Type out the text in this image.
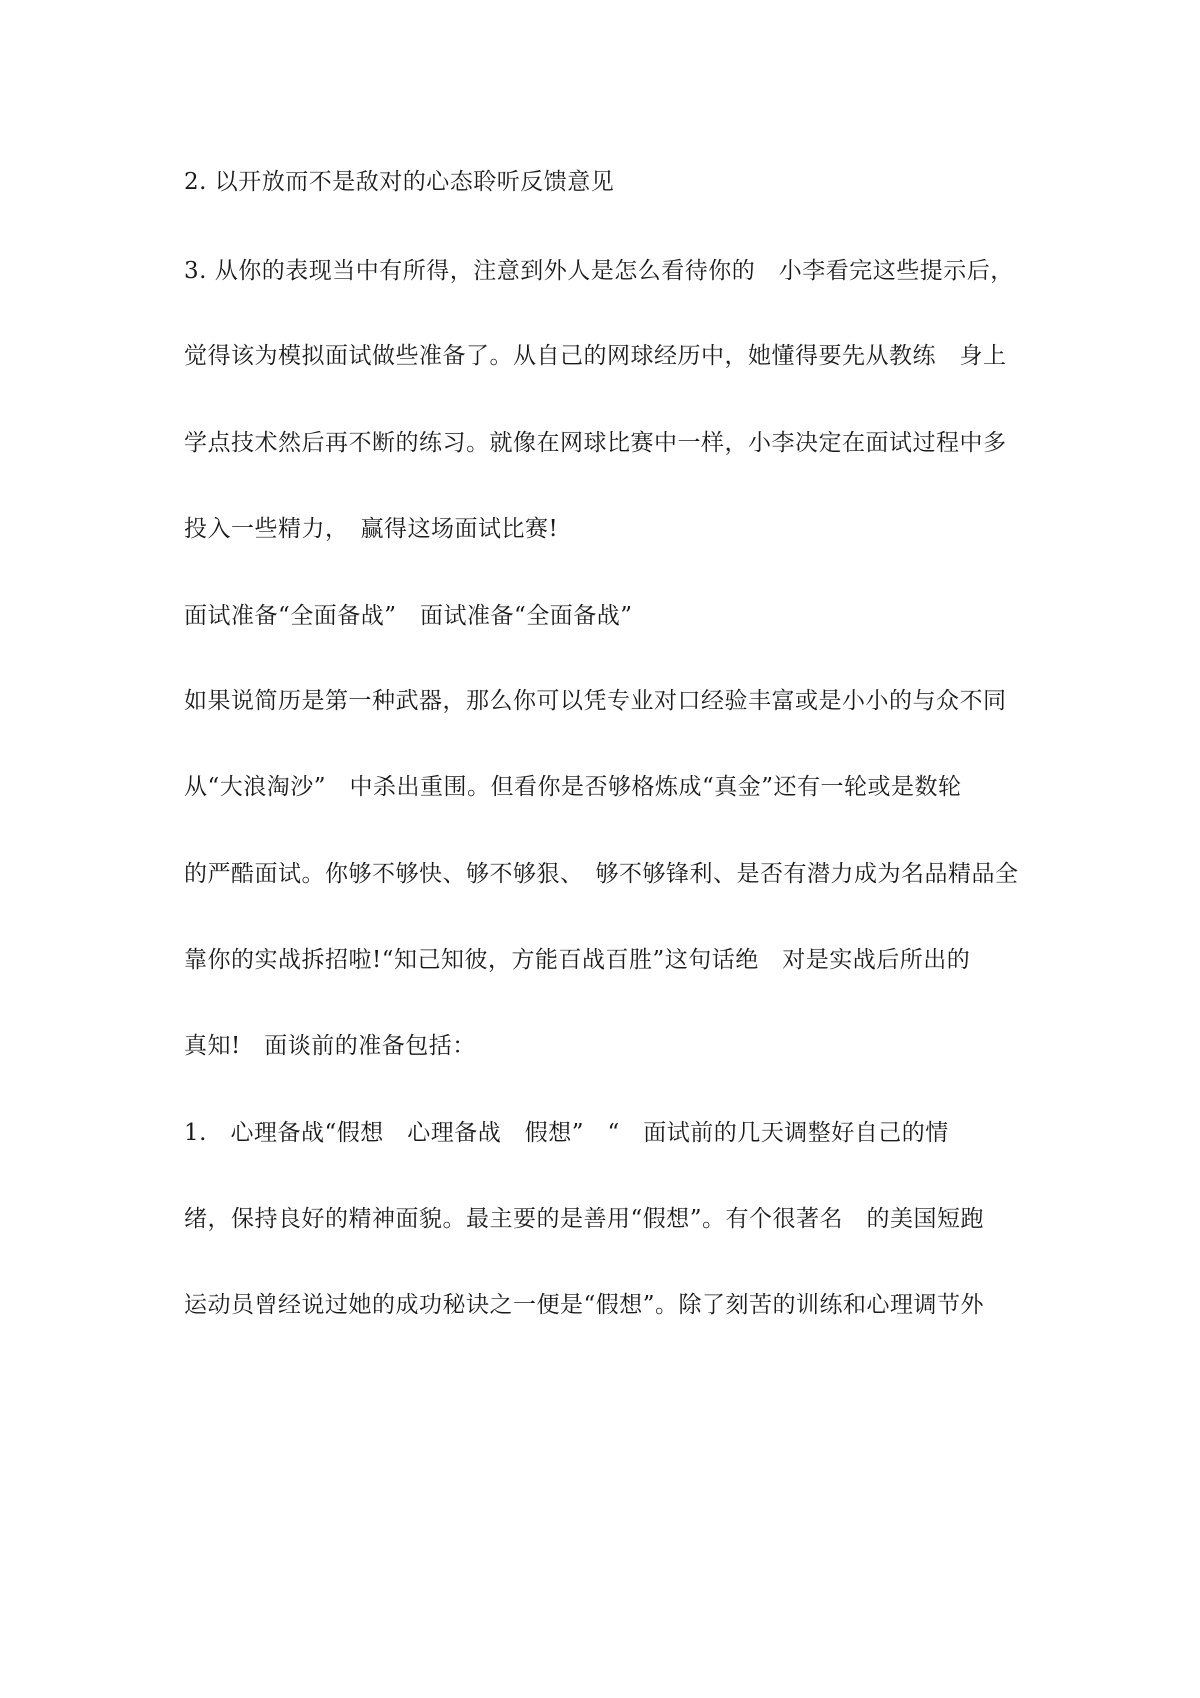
2. 以开放而不是敌对的心态聆听反馈意见
3. 从你的表现当中有所得，注意到外人是怎么看待你的　小李看完这些提示后，
觉得该为模拟面试做些准备了。从自己的网球经历中，她懂得要先从教练　身上
学点技术然后再不断的练习。就像在网球比赛中一样，小李决定在面试过程中多
投入一些精力，　赢得这场面试比赛!
面试准备“全面备战”　面试准备“全面备战”
如果说简历是第一种武器，那么你可以凭专业对口经验丰富或是小小的与众不同
从“大浪淘沙”　中杀出重围。但看你是否够格炼成“真金”还有一轮或是数轮
的严酷面试。你够不够快、够不够狠、　够不够锋利、是否有潜力成为名品精品全
靠你的实战拆招啦!“知己知彼，方能百战百胜”这句话绝　对是实战后所出的
真知!　面谈前的准备包括：
1.　心理备战“假想　心理备战　假想”　“　面试前的几天调整好自己的情
绪，保持良好的精神面貌。最主要的是善用“假想”。有个很著名　的美国短跑
运动员曾经说过她的成功秘诀之一便是“假想”。除了刻苦的训练和心理调节外
